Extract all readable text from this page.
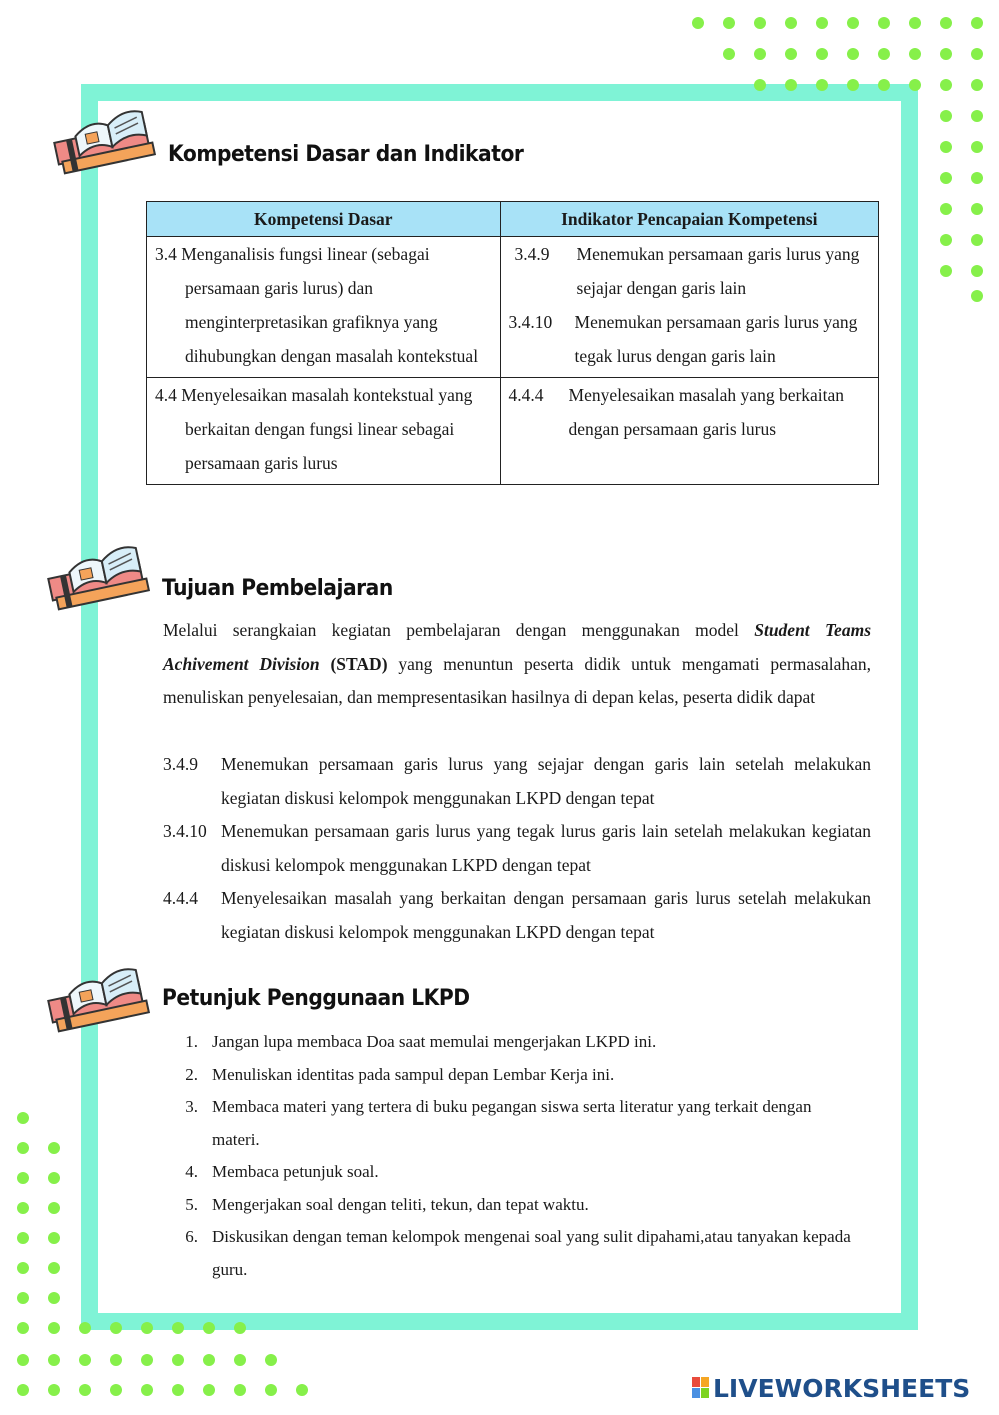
Kompetensi Dasar dan Indikator
Kompetensi Dasar	Indikator Pencapaian Kompetensi

3.4 Menganalisis fungsi linear (sebagai persamaan garis lurus) dan menginterpretasikan grafiknya yang dihubungkan dengan masalah kontekstual	3.4.9 Menemukan persamaan garis lurus yang sejajar dengan garis lain
3.4.10 Menemukan persamaan garis lurus yang tegak lurus dengan garis lain

4.4 Menyelesaikan masalah kontekstual yang berkaitan dengan fungsi linear sebagai persamaan garis lurus	4.4.4 Menyelesaikan masalah yang berkaitan dengan persamaan garis lurus
Tujuan Pembelajaran
Melalui serangkaian kegiatan pembelajaran dengan menggunakan model Student Teams Achivement Division (STAD) yang menuntun peserta didik untuk mengamati permasalahan, menuliskan penyelesaian, dan mempresentasikan hasilnya di depan kelas, peserta didik dapat
3.4.9	Menemukan persamaan garis lurus yang sejajar dengan garis lain setelah melakukan kegiatan diskusi kelompok menggunakan LKPD dengan tepat
3.4.10 Menemukan persamaan garis lurus yang tegak lurus garis lain setelah melakukan kegiatan diskusi kelompok menggunakan LKPD dengan tepat
4.4.4	Menyelesaikan masalah yang berkaitan dengan persamaan garis lurus setelah melakukan kegiatan diskusi kelompok menggunakan LKPD dengan tepat
Petunjuk Penggunaan LKPD
1. Jangan lupa membaca Doa saat memulai mengerjakan LKPD ini.
2. Menuliskan identitas pada sampul depan Lembar Kerja ini.
3. Membaca materi yang tertera di buku pegangan siswa serta literatur yang terkait dengan materi.
4. Membaca petunjuk soal.
5. Mengerjakan soal dengan teliti, tekun, dan tepat waktu.
6. Diskusikan dengan teman kelompok mengenai soal yang sulit dipahami,atau tanyakan kepada guru.
LIVEWORKSHEETS
